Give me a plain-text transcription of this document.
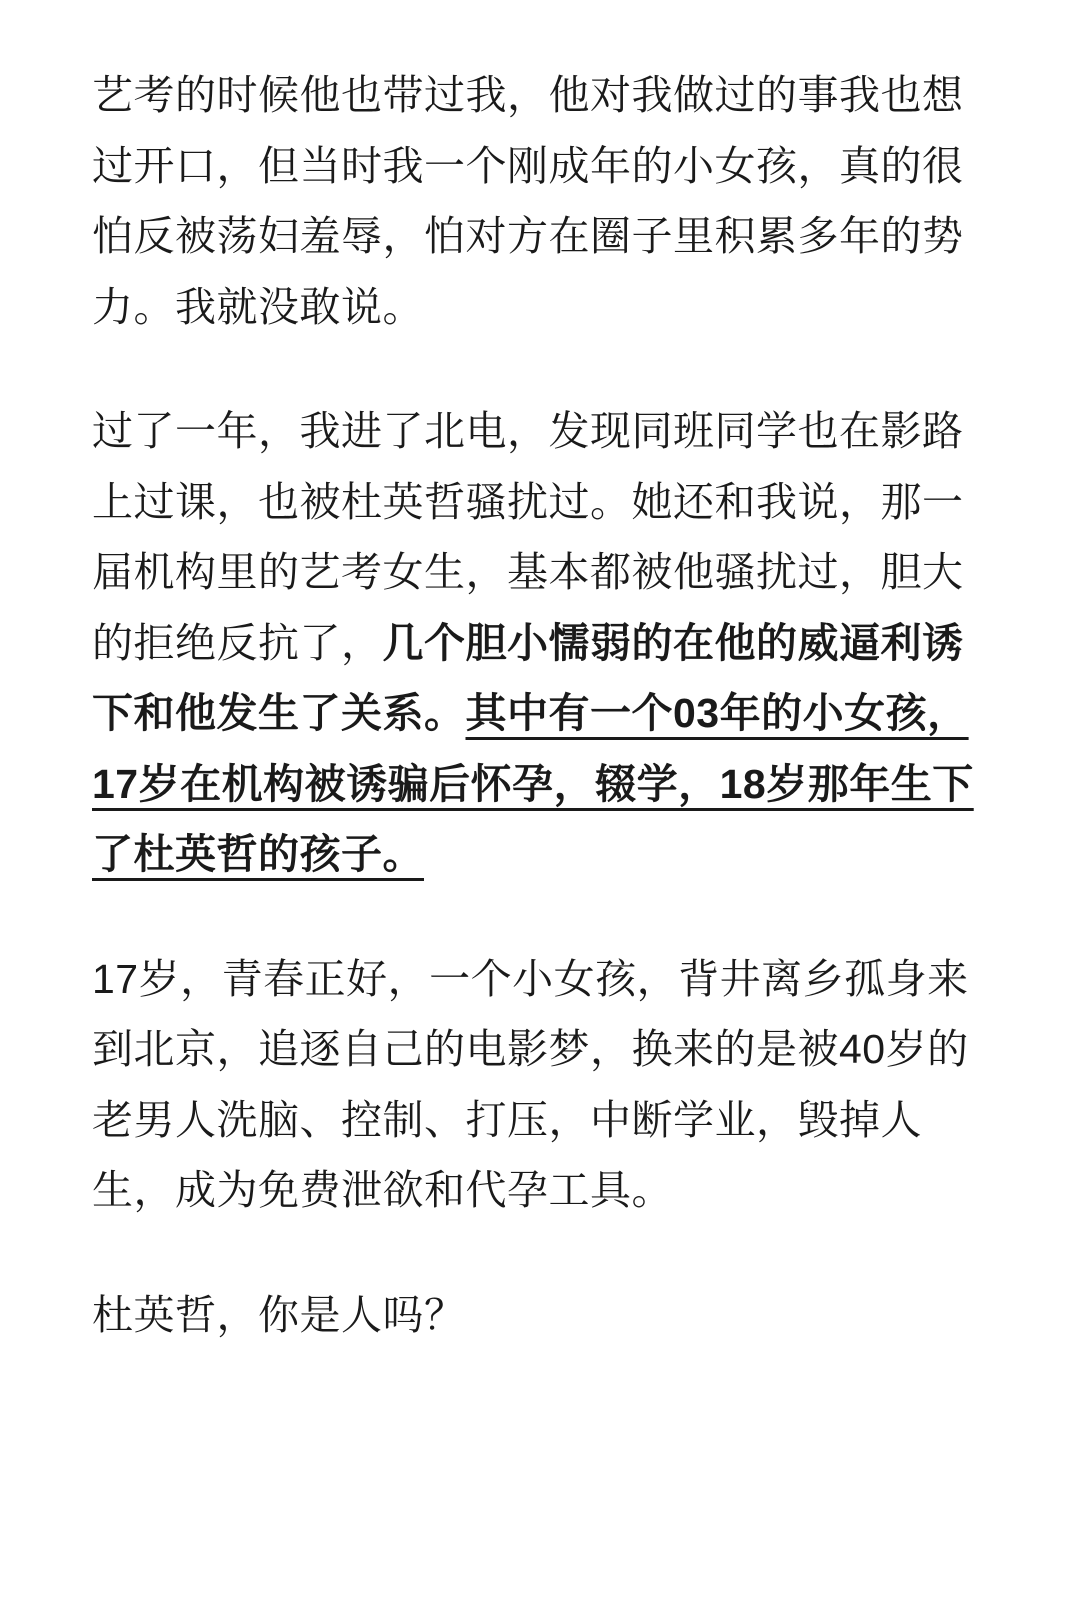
艺考的时候他也带过我，他对我做过的事我也想过开口，但当时我一个刚成年的小女孩，真的很怕反被荡妇羞辱，怕对方在圈子里积累多年的势力。我就没敢说。

过了一年，我进了北电，发现同班同学也在影路上过课，也被杜英哲骚扰过。她还和我说，那一届机构里的艺考女生，基本都被他骚扰过，胆大的拒绝反抗了，几个胆小懦弱的在他的威逼利诱下和他发生了关系。其中有一个03年的小女孩，17岁在机构被诱骗后怀孕，辍学，18岁那年生下了杜英哲的孩子。

17岁，青春正好，一个小女孩，背井离乡孤身来到北京，追逐自己的电影梦，换来的是被40岁的老男人洗脑、控制、打压，中断学业，毁掉人生，成为免费泄欲和代孕工具。

杜英哲，你是人吗？
